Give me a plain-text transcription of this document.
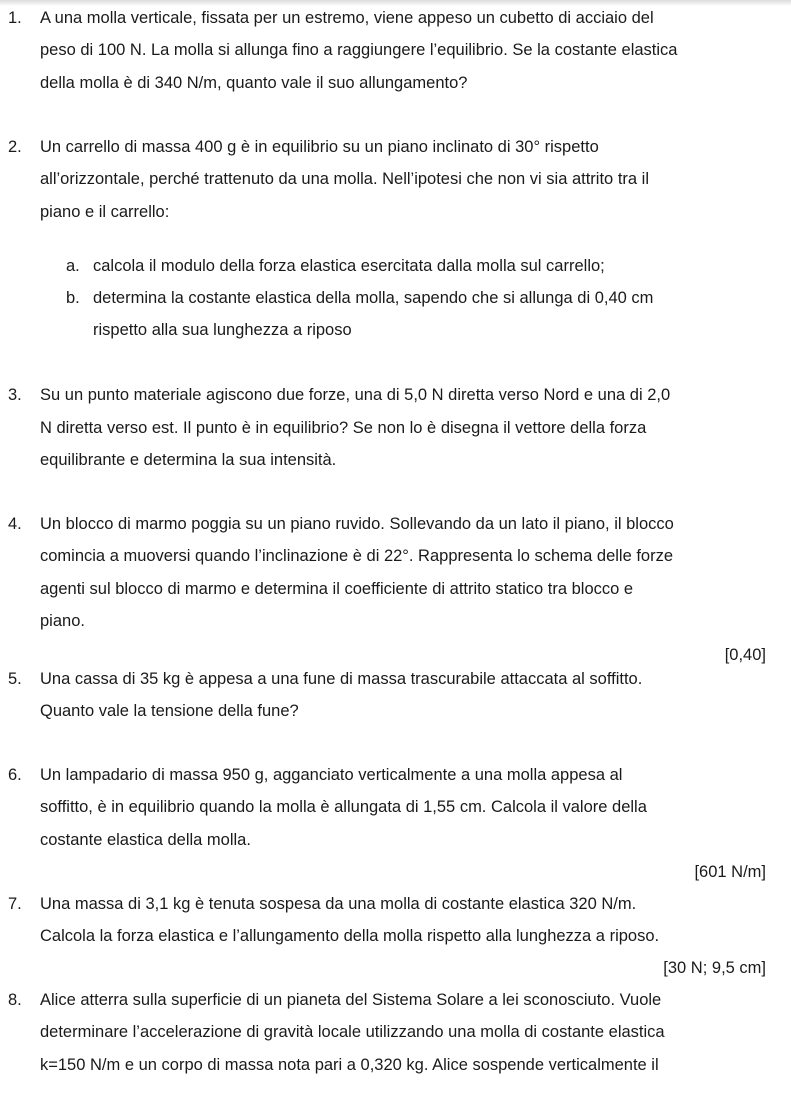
1. A una molla verticale, fissata per un estremo, viene appeso un cubetto di acciaio del

peso di 100 N. La molla si allunga fino a raggiungere l’equilibrio. Se la costante elastica

della molla è di 340 N/m, quanto vale il suo allungamento?

2. Un carrello di massa 400 g è in equilibrio su un piano inclinato di 30° rispetto

all’orizzontale, perché trattenuto da una molla. Nell’ipotesi che non vi sia attrito tra il

piano e il carrello:

a. calcola il modulo della forza elastica esercitata dalla molla sul carrello;

b. determina la costante elastica della molla, sapendo che si allunga di 0,40 cm

rispetto alla sua lunghezza a riposo

3. Su un punto materiale agiscono due forze, una di 5,0 N diretta verso Nord e una di 2,0

N diretta verso est. Il punto è in equilibrio? Se non lo è disegna il vettore della forza

equilibrante e determina la sua intensità.

4. Un blocco di marmo poggia su un piano ruvido. Sollevando da un lato il piano, il blocco

comincia a muoversi quando l’inclinazione è di 22°. Rappresenta lo schema delle forze

agenti sul blocco di marmo e determina il coefficiente di attrito statico tra blocco e

piano.

[0,40]
5. Una cassa di 35 kg è appesa a una fune di massa trascurabile attaccata al soffitto.

Quanto vale la tensione della fune?

6. Un lampadario di massa 950 g, agganciato verticalmente a una molla appesa al

soffitto, è in equilibrio quando la molla è allungata di 1,55 cm. Calcola il valore della

costante elastica della molla.

[601 N/m]
7. Una massa di 3,1 kg è tenuta sospesa da una molla di costante elastica 320 N/m.

Calcola la forza elastica e l’allungamento della molla rispetto alla lunghezza a riposo.

[30 N; 9,5 cm]
8. Alice atterra sulla superficie di un pianeta del Sistema Solare a lei sconosciuto. Vuole

determinare l’accelerazione di gravità locale utilizzando una molla di costante elastica

k=150 N/m e un corpo di massa nota pari a 0,320 kg. Alice sospende verticalmente il
